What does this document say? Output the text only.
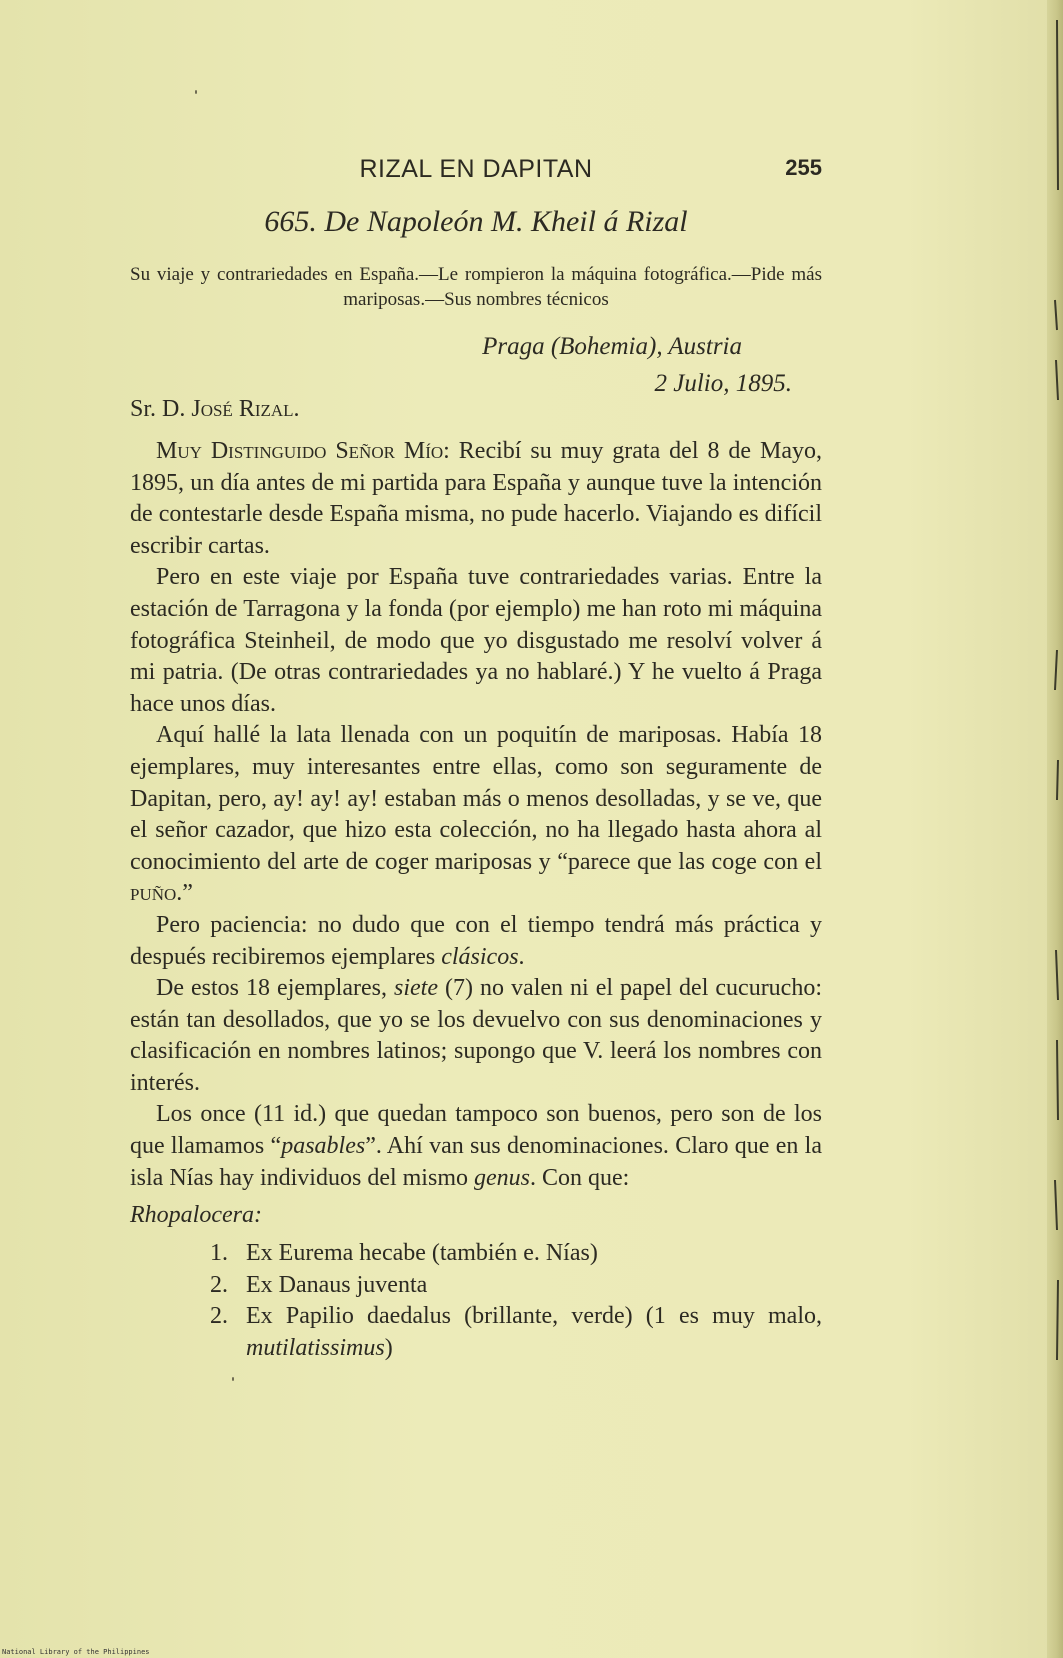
RIZAL EN DAPITAN	255
665. De Napoleón M. Kheil á Rizal
Su viaje y contrariedades en España.—Le rompieron la máquina fotográfica.—Pide más mariposas.—Sus nombres técnicos
Praga (Bohemia), Austria
2 Julio, 1895.
Sr. D. José Rizal.

Muy Distinguido Señor Mío: Recibí su muy grata del 8 de Mayo, 1895, un día antes de mi partida para España y aunque tuve la intención de contestarle desde España misma, no pude hacerlo. Viajando es difícil escribir cartas.

Pero en este viaje por España tuve contrariedades varias. Entre la estación de Tarragona y la fonda (por ejemplo) me han roto mi máquina fotográfica Steinheil, de modo que yo disgustado me resolví volver á mi patria. (De otras contrariedades ya no hablaré.) Y he vuelto á Praga hace unos días.

Aquí hallé la lata llenada con un poquitín de mariposas. Había 18 ejemplares, muy interesantes entre ellas, como son seguramente de Dapitan, pero, ay! ay! ay! estaban más o menos desolladas, y se ve, que el señor cazador, que hizo esta colección, no ha llegado hasta ahora al conocimiento del arte de coger mariposas y “parece que las coge con el puño.”

Pero paciencia: no dudo que con el tiempo tendrá más práctica y después recibiremos ejemplares clásicos.

De estos 18 ejemplares, siete (7) no valen ni el papel del cucurucho: están tan desollados, que yo se los devuelvo con sus denominaciones y clasificación en nombres latinos; supongo que V. leerá los nombres con interés.

Los once (11 id.) que quedan tampoco son buenos, pero son de los que llamamos “pasables”. Ahí van sus denominaciones. Claro que en la isla Nías hay individuos del mismo genus. Con que:

Rhopalocera:
1. Ex Eurema hecabe (también e. Nías)
2. Ex Danaus juventa
2. Ex Papilio daedalus (brillante, verde) (1 es muy malo, mutilatissimus)
National Library of the Philippines
